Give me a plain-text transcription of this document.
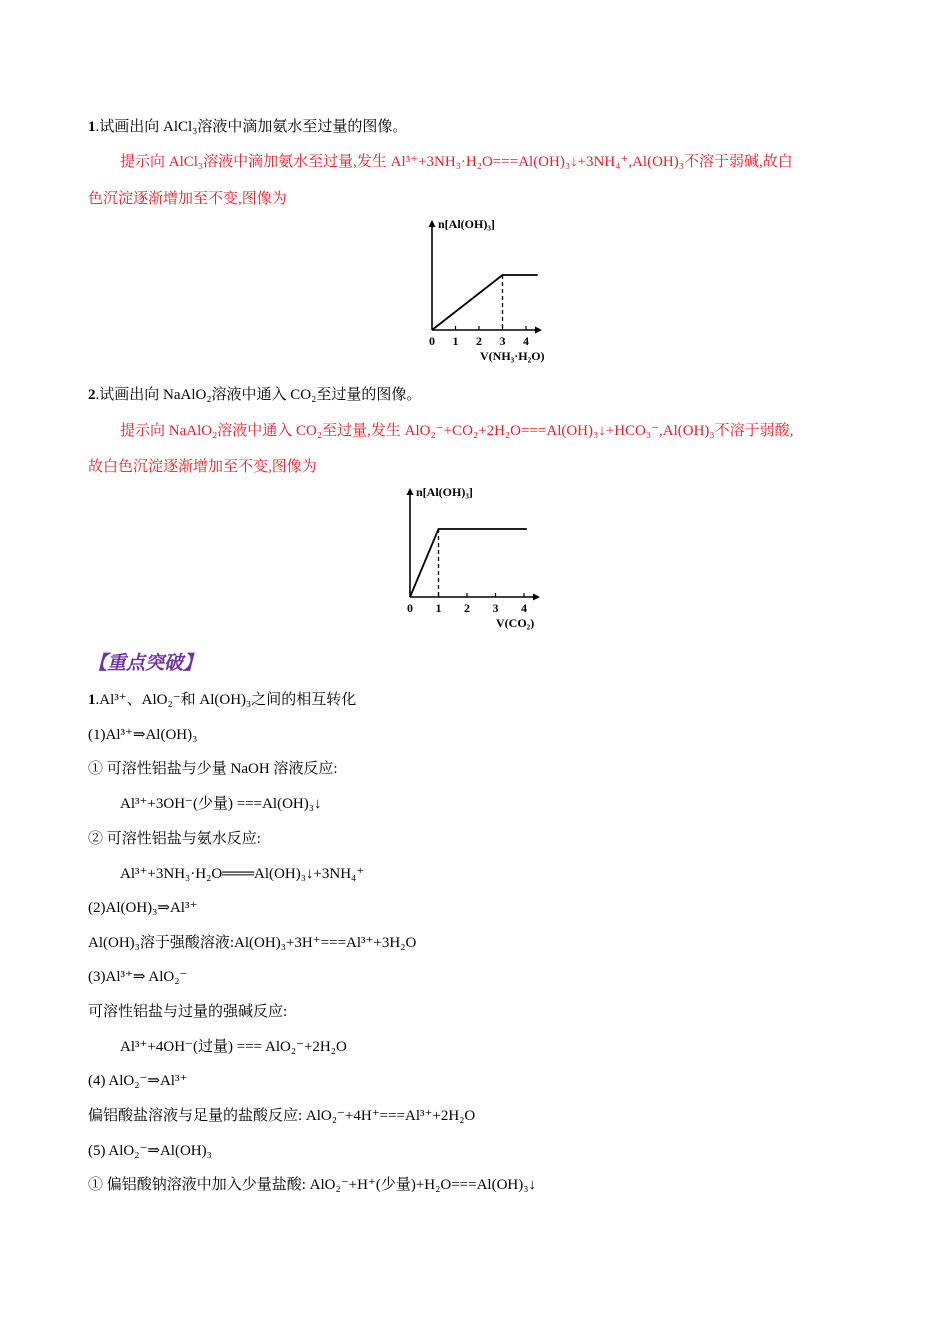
1.试画出向 AlCl₃溶液中滴加氨水至过量的图像。
提示向 AlCl₃溶液中滴加氨水至过量,发生 Al³⁺+3NH₃·H₂O===Al(OH)₃↓+3NH₄⁺,Al(OH)₃不溶于弱碱,故白
色沉淀逐渐增加至不变,图像为
0 1 2 3 4
n[Al(OH)₃]
V(NH₃·H₂O)
2.试画出向 NaAlO₂溶液中通入 CO₂至过量的图像。
提示向 NaAlO₂溶液中通入 CO₂至过量,发生 AlO₂⁻+CO₂+2H₂O===Al(OH)₃↓+HCO₃⁻,Al(OH)₃不溶于弱酸,
故白色沉淀逐渐增加至不变,图像为
0 1 2 3 4
n[Al(OH)₃]
V(CO₂)
【重点突破】
1.Al³⁺、AlO₂⁻和 Al(OH)₃之间的相互转化
(1)Al³⁺⇒Al(OH)₃
① 可溶性铝盐与少量 NaOH 溶液反应:
Al³⁺+3OH⁻(少量) ===Al(OH)₃↓
② 可溶性铝盐与氨水反应:
Al³⁺+3NH₃·H₂O═══Al(OH)₃↓+3NH₄⁺
(2)Al(OH)₃⇒Al³⁺
Al(OH)₃溶于强酸溶液:Al(OH)₃+3H⁺===Al³⁺+3H₂O
(3)Al³⁺⇒ AlO₂⁻
可溶性铝盐与过量的强碱反应:
Al³⁺+4OH⁻(过量) === AlO₂⁻+2H₂O
(4) AlO₂⁻⇒Al³⁺
偏铝酸盐溶液与足量的盐酸反应: AlO₂⁻+4H⁺===Al³⁺+2H₂O
(5) AlO₂⁻⇒Al(OH)₃
① 偏铝酸钠溶液中加入少量盐酸: AlO₂⁻+H⁺(少量)+H₂O===Al(OH)₃↓
